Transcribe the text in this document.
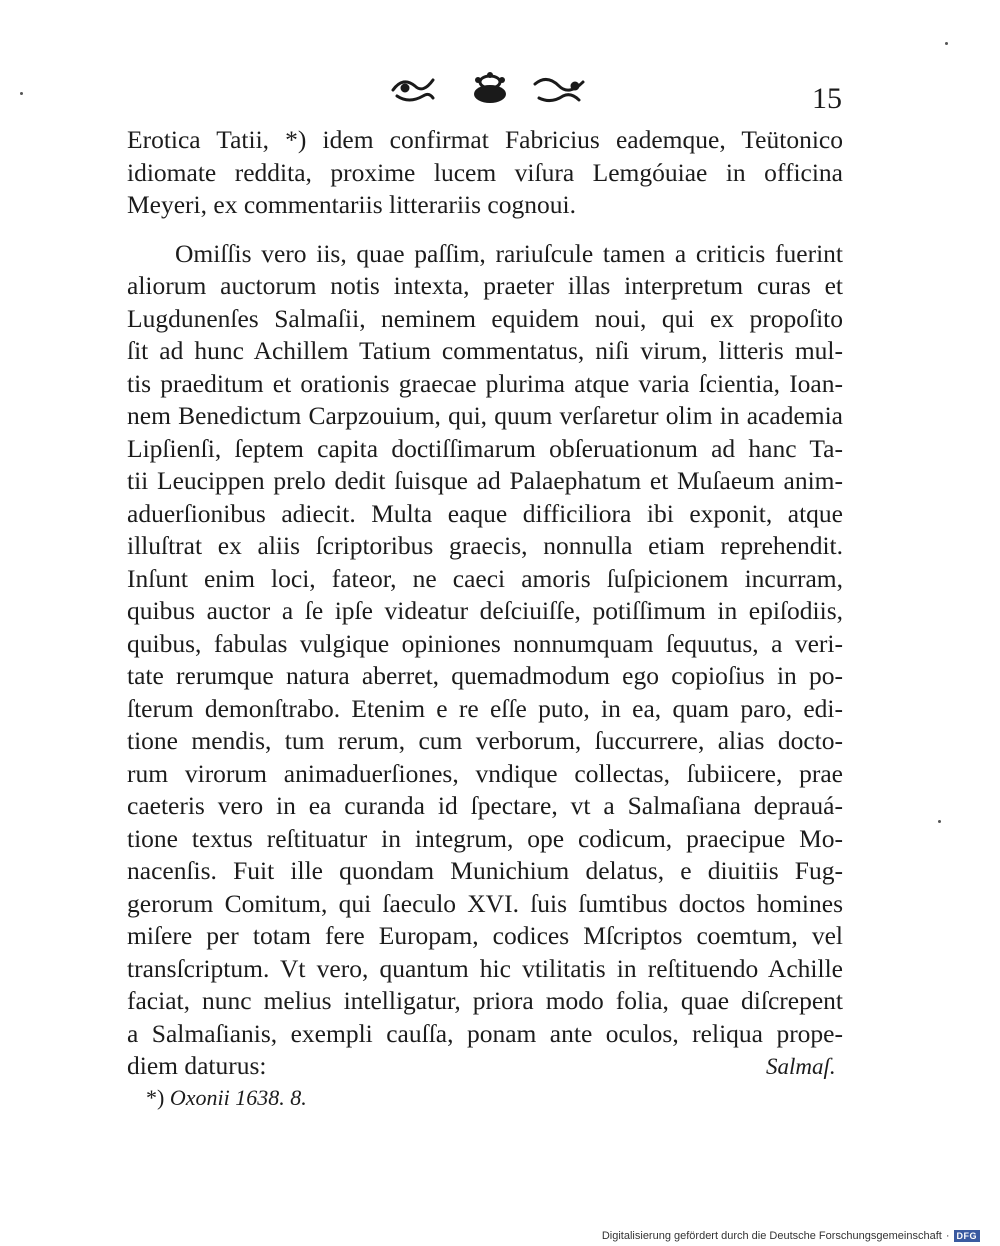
15
Erotica Tatii, *) idem confirmat Fabricius eademque, Teütonico
idiomate reddita, proxime lucem viſura Lemgóuiae in officina
Meyeri, ex commentariis litterariis cognoui.
Omiſſis vero iis, quae paſſim, rariuſcule tamen a criticis fuerint
aliorum auctorum notis intexta, praeter illas interpretum curas et
Lugdunenſes Salmaſii, neminem equidem noui, qui ex propoſito
ſit ad hunc Achillem Tatium commentatus, niſi virum, litteris mul-
tis praeditum et orationis graecae plurima atque varia ſcientia, Ioan-
nem Benedictum Carpzouium, qui, quum verſaretur olim in academia
Lipſienſi, ſeptem capita doctiſſimarum obſeruationum ad hanc Ta-
tii Leucippen prelo dedit ſuisque ad Palaephatum et Muſaeum anim-
aduerſionibus adiecit. Multa eaque difficiliora ibi exponit, atque
illuſtrat ex aliis ſcriptoribus graecis, nonnulla etiam reprehendit.
Inſunt enim loci, fateor, ne caeci amoris ſuſpicionem incurram,
quibus auctor a ſe ipſe videatur deſciuiſſe, potiſſimum in epiſodiis,
quibus, fabulas vulgique opiniones nonnumquam ſequutus, a veri-
tate rerumque natura aberret, quemadmodum ego copioſius in po-
ſterum demonſtrabo. Etenim e re eſſe puto, in ea, quam paro, edi-
tione mendis, tum rerum, cum verborum, ſuccurrere, alias docto-
rum virorum animaduerſiones, vndique collectas, ſubiicere, prae
caeteris vero in ea curanda id ſpectare, vt a Salmaſiana deprauá-
tione textus reſtituatur in integrum, ope codicum, praecipue Mo-
nacenſis. Fuit ille quondam Munichium delatus, e diuitiis Fug-
gerorum Comitum, qui ſaeculo XVI. ſuis ſumtibus doctos homines
miſere per totam fere Europam, codices Mſcriptos coemtum, vel
transſcriptum. Vt vero, quantum hic vtilitatis in reſtituendo Achille
faciat, nunc melius intelligatur, priora modo folia, quae diſcrepent
a Salmaſianis, exempli cauſſa, ponam ante oculos, reliqua prope-
diem daturus:	Salmaſ.
*) Oxonii 1638. 8.
Digitalisierung gefördert durch die Deutsche Forschungsgemeinschaft · DFG
